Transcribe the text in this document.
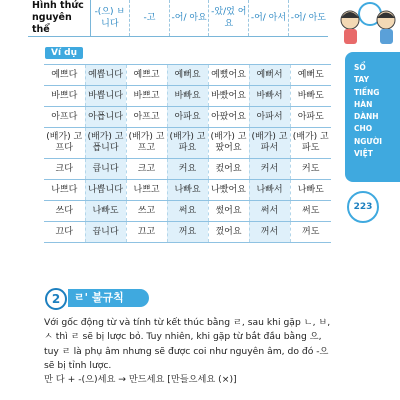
Hình thức nguyên thể	-(으) ㅂ니다	-고	-어/ 아요	-았/었 어요	-어/ 아서	-어/ 아도
Ví dụ
예쁘다	예쁩니다	예쁘고	예뻐요	예뻤어요	예뻐서	예뻐도
바쁘다	바쁩니다	바쁘고	바빠요	바빴어요	바빠서	바빠도
아프다	아픕니다	아프고	아파요	아팠어요	아파서	아파도
(배가) 고프다	(배가) 고픕니다	(배가) 고프고	(배가) 고파요	(배가) 고팠어요	(배가) 고파서	(배가) 고파도
크다	큽니다	크고	커요	컸어요	커서	커도
나쁘다	나쁩니다	나쁘고	나빠요	나빴어요	나빠서	나빠도
쓰다	나빠도	쓰고	써요	썼어요	써서	써도
끄다	끕니다	끄고	꺼요	껐어요	꺼서	꺼도
SỔ
TAY
TIẾNG
HÀN
DÀNH
CHO
NGƯỜI
VIỆT
223
2	ㄹ' 불규칙

Với gốc động từ và tính từ kết thúc bằng ㄹ, sau khi gặp ㄴ, ㅂ,

ㅅ thì ㄹ sẽ bị lược bỏ. Tuy nhiên, khi gặp từ bắt đầu bằng 으,

tuy ㄹ là phụ âm nhưng sẽ được coi như nguyên âm, do đó -으

sẽ bị tỉnh lược.

만 다 + -(으)세요 → 만드세요 [만들으세요 (×)]
